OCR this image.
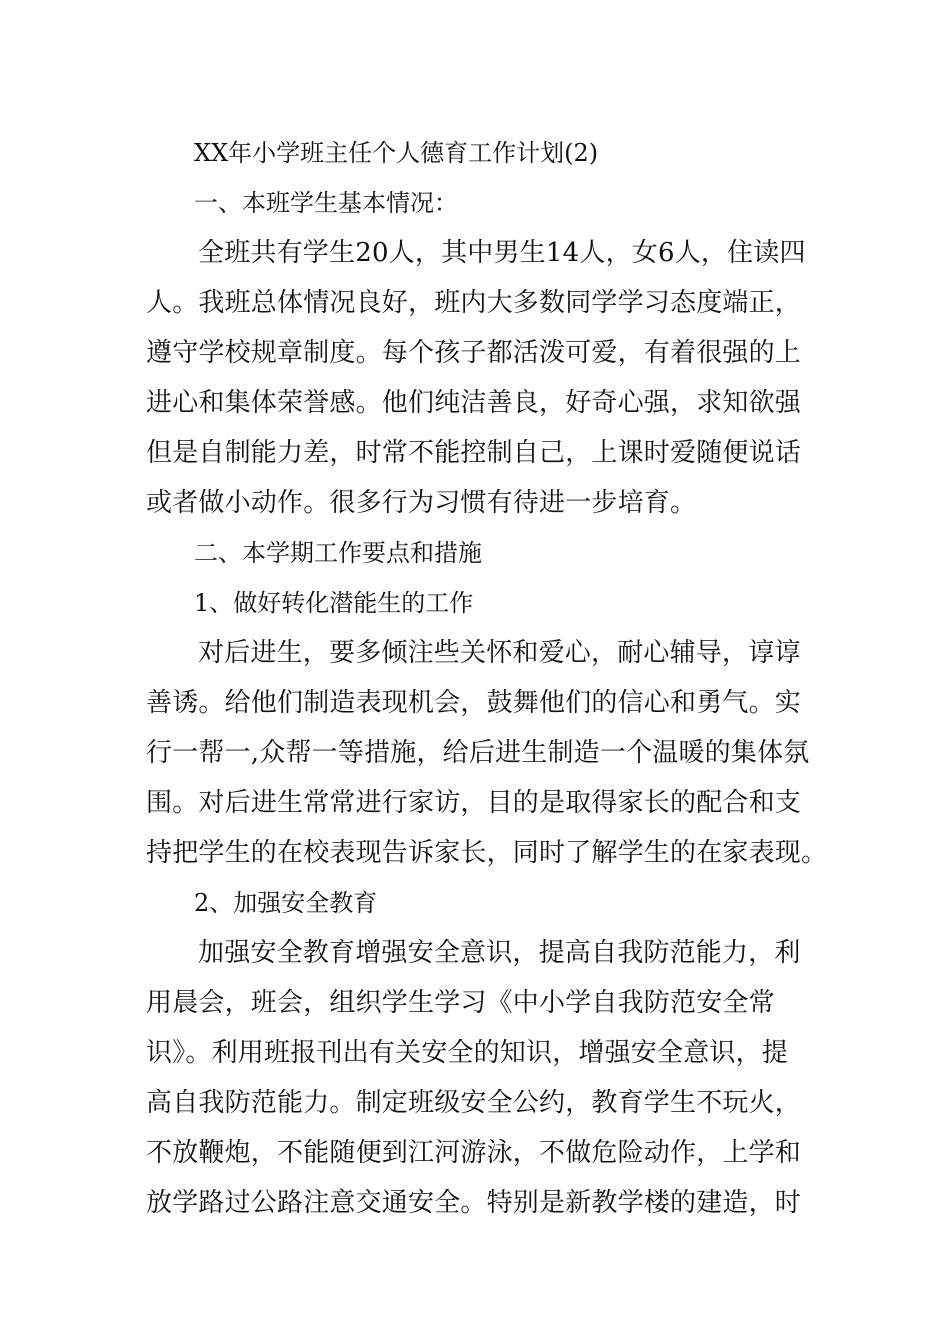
XX年小学班主任个人德育工作计划(2)
一、本班学生基本情况：
全班共有学生20人，其中男生14人，女6人，住读四
人。我班总体情况良好，班内大多数同学学习态度端正，
遵守学校规章制度。每个孩子都活泼可爱，有着很强的上
进心和集体荣誉感。他们纯洁善良，好奇心强，求知欲强
但是自制能力差，时常不能控制自己，上课时爱随便说话
或者做小动作。很多行为习惯有待进一步培育。
二、本学期工作要点和措施
1、做好转化潜能生的工作
对后进生，要多倾注些关怀和爱心，耐心辅导，谆谆
善诱。给他们制造表现机会，鼓舞他们的信心和勇气。实
行一帮一,众帮一等措施，给后进生制造一个温暖的集体氛
围。对后进生常常进行家访，目的是取得家长的配合和支
持把学生的在校表现告诉家长，同时了解学生的在家表现。
2、加强安全教育
加强安全教育增强安全意识，提高自我防范能力，利
用晨会，班会，组织学生学习《中小学自我防范安全常
识》。利用班报刊出有关安全的知识，增强安全意识，提
高自我防范能力。制定班级安全公约，教育学生不玩火，
不放鞭炮，不能随便到江河游泳，不做危险动作，上学和
放学路过公路注意交通安全。特别是新教学楼的建造，时
